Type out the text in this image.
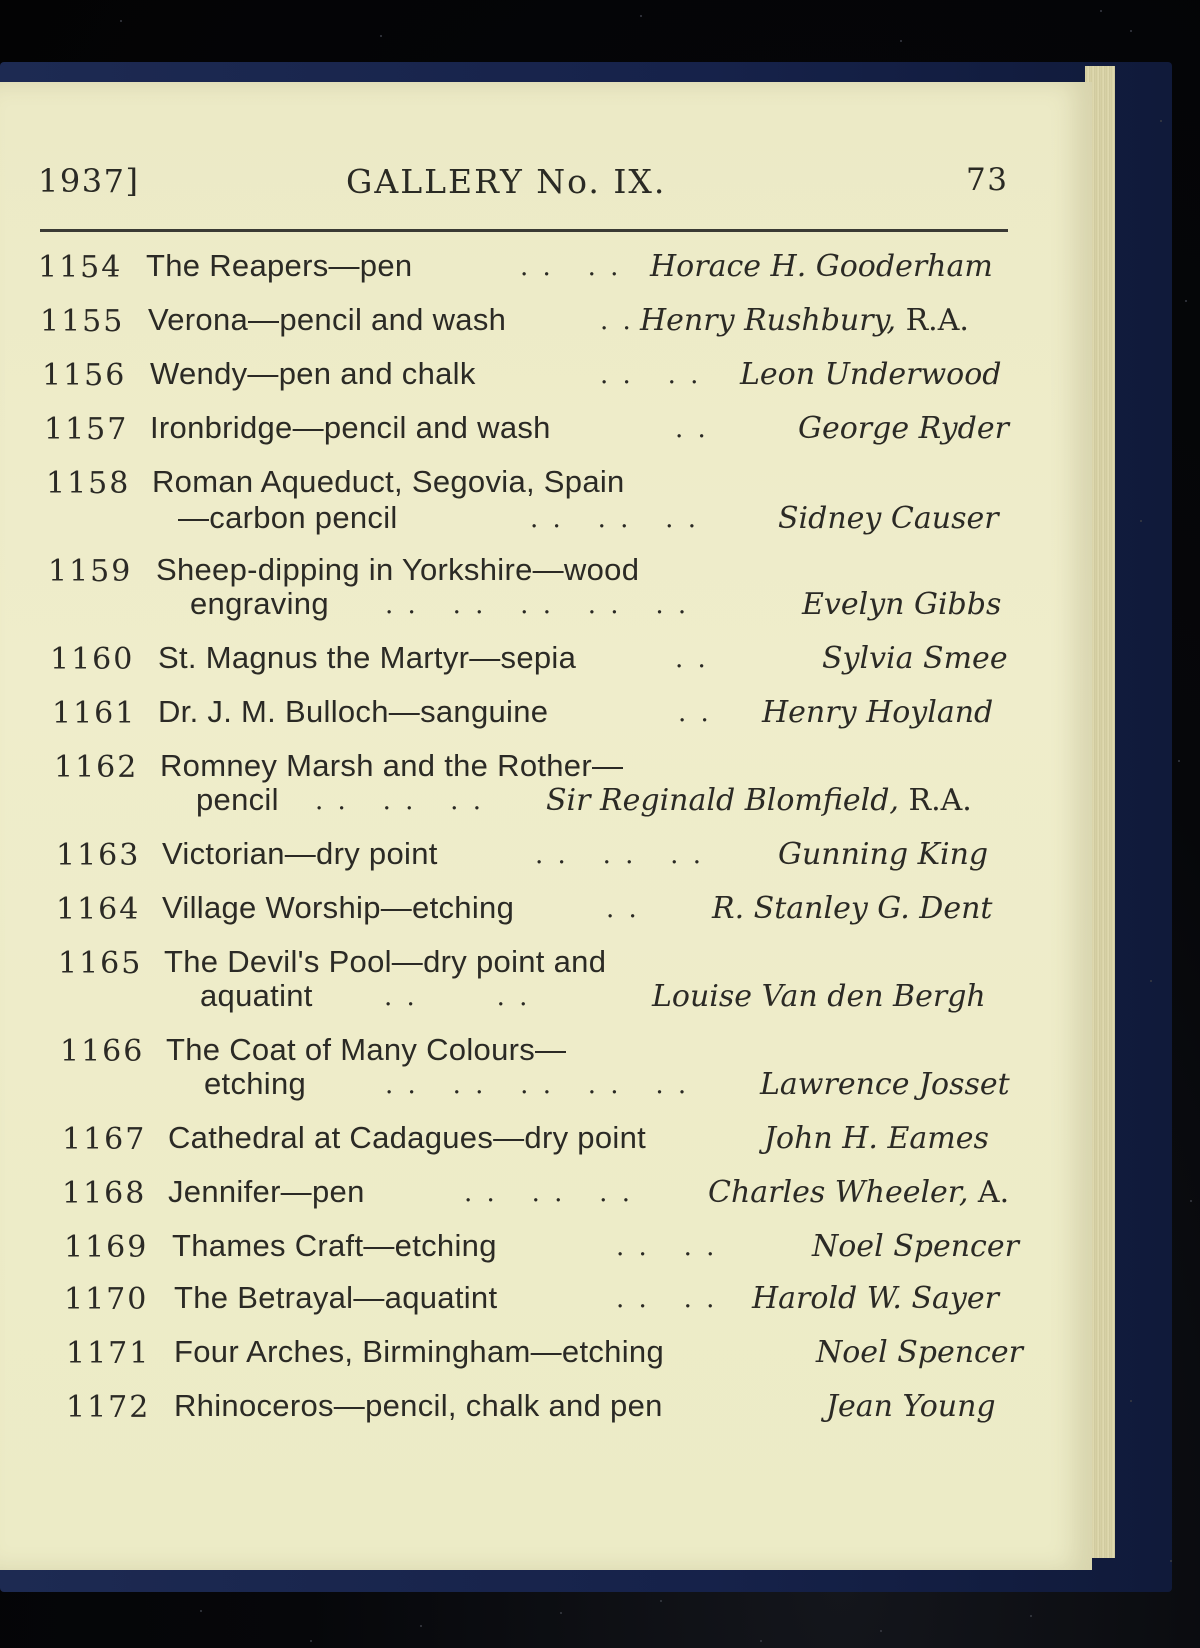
1937]	GALLERY No. IX.	73
1154 The Reapers—pen	. .   . . Horace H. Gooderham
1155 Verona—pencil and wash	. . Henry Rushbury, R.A.
1156 Wendy—pen and chalk	. .   . . Leon Underwood
1157 Ironbridge—pencil and wash	. .	George Ryder
1158 Roman Aqueduct, Segovia, Spain
—carbon pencil	. .   . .   . .	Sidney Causer
1159 Sheep-dipping in Yorkshire—wood
engraving . .   . .   . .   . .   . .	Evelyn Gibbs
1160 St. Magnus the Martyr—sepia	. .	Sylvia Smee
1161 Dr. J. M. Bulloch—sanguine	. . Henry Hoyland
1162 Romney Marsh and the Rother—
pencil . .   . .   . . Sir Reginald Blomfield, R.A.
1163 Victorian—dry point	. .   . .   . . Gunning King
1164 Village Worship—etching	. . R. Stanley G. Dent
1165 The Devil's Pool—dry point and
aquatint	. .       . .	Louise Van den Bergh
1166 The Coat of Many Colours—
etching	. .   . .   . .   . .   . . Lawrence Josset
1167 Cathedral at Cadagues—dry point	John H. Eames
1168 Jennifer—pen	. .   . .   . .	Charles Wheeler, A.
1169 Thames Craft—etching	. .   . .	Noel Spencer
1170 The Betrayal—aquatint	. .   . . Harold W. Sayer
1171 Four Arches, Birmingham—etching	Noel Spencer
1172 Rhinoceros—pencil, chalk and pen	Jean Young
